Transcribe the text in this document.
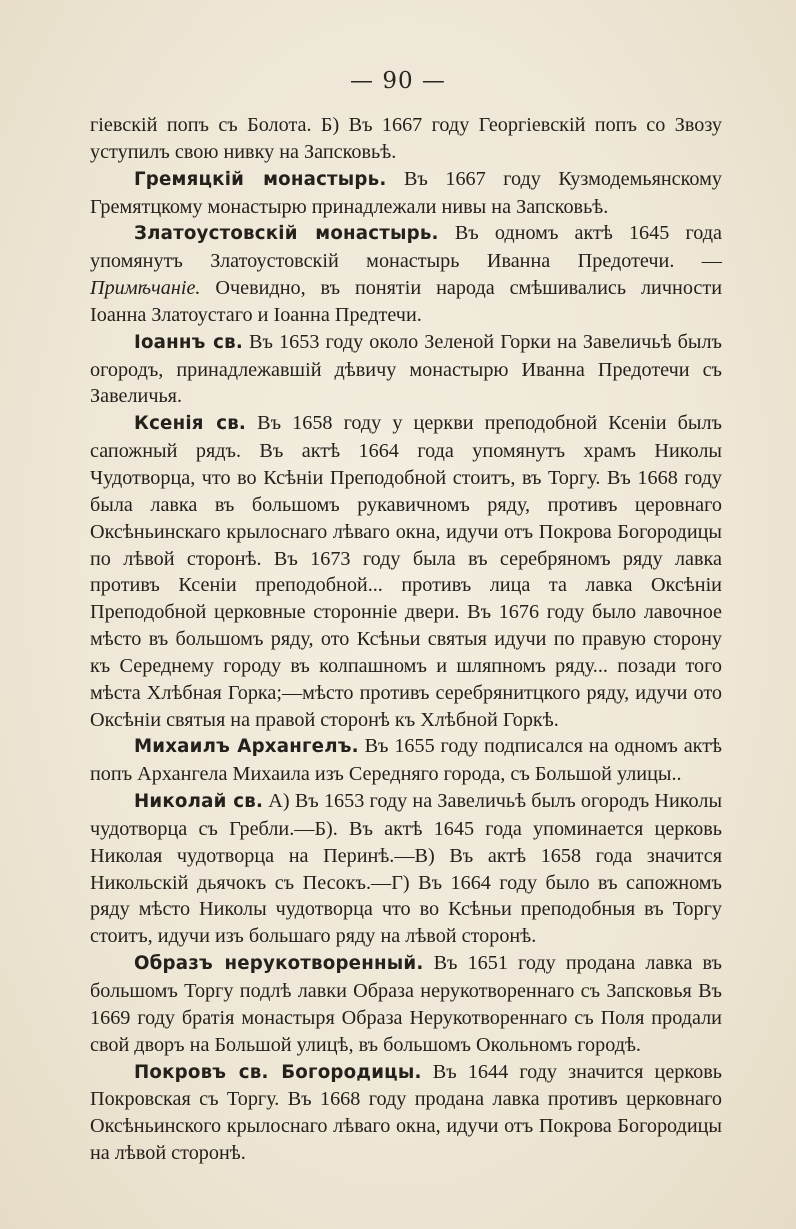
— 90 —

гіевскій попъ съ Болота. Б) Въ 1667 году Георгіевскій попъ со Звозу уступилъ свою нивку на Запсковьѣ.

Гремяцкій монастырь. Въ 1667 году Кузмодемьянскому Гремятцкому монастырю принадлежали нивы на Запсковьѣ.

Златоустовскій монастырь. Въ одномъ актѣ 1645 года упомянутъ Златоустовскій монастырь Иванна Предотечи. — Примѣчаніе. Очевидно, въ понятіи народа смѣшивались личности Іоанна Златоустаго и Іоанна Предтечи.

Іоаннъ св. Въ 1653 году около Зеленой Горки на Завеличьѣ былъ огородъ, принадлежавшій дѣвичу монастырю Иванна Предотечи съ Завеличья.

Ксенія св. Въ 1658 году у церкви преподобной Ксеніи былъ сапожный рядъ. Въ актѣ 1664 года упомянутъ храмъ Николы Чудотворца, что во Ксѣніи Преподобной стоитъ, въ Торгу. Въ 1668 году была лавка въ большомъ рукавичномъ ряду, противъ церовнаго Оксѣньинскаго крылоснаго лѣваго окна, идучи отъ Покрова Богородицы по лѣвой сторонѣ. Въ 1673 году была въ серебряномъ ряду лавка противъ Ксеніи преподобной... противъ лица та лавка Оксѣніи Преподобной церковные сторонніе двери. Въ 1676 году было лавочное мѣсто въ большомъ ряду, ото Ксѣньи святыя идучи по правую сторону къ Середнему городу въ колпашномъ и шляпномъ ряду... позади того мѣста Хлѣбная Горка;—мѣсто противъ серебрянитцкого ряду, идучи ото Оксѣніи святыя на правой сторонѣ къ Хлѣбной Горкѣ.

Михаилъ Архангелъ. Въ 1655 году подписался на одномъ актѣ попъ Архангела Михаила изъ Середняго города, съ Большой улицы..

Николай св. А) Въ 1653 году на Завеличьѣ былъ огородъ Николы чудотворца съ Гребли.—Б). Въ актѣ 1645 года упоминается церковь Николая чудотворца на Перинѣ.—В) Въ актѣ 1658 года значится Никольскій дьячокъ съ Песокъ.—Г) Въ 1664 году было въ сапожномъ ряду мѣсто Николы чудотворца что во Ксѣньи преподобныя въ Торгу стоитъ, идучи изъ большаго ряду на лѣвой сторонѣ.

Образъ нерукотворенный. Въ 1651 году продана лавка въ большомъ Торгу подлѣ лавки Образа нерукотвореннаго съ Запсковья Въ 1669 году братія монастыря Образа Нерукотвореннаго съ Поля продали свой дворъ на Большой улицѣ, въ большомъ Окольномъ городѣ.

Покровъ св. Богородицы. Въ 1644 году значится церковь Покровская съ Торгу. Въ 1668 году продана лавка противъ церковнаго Оксѣньинского крылоснаго лѣваго окна, идучи отъ Покрова Богородицы на лѣвой сторонѣ.
